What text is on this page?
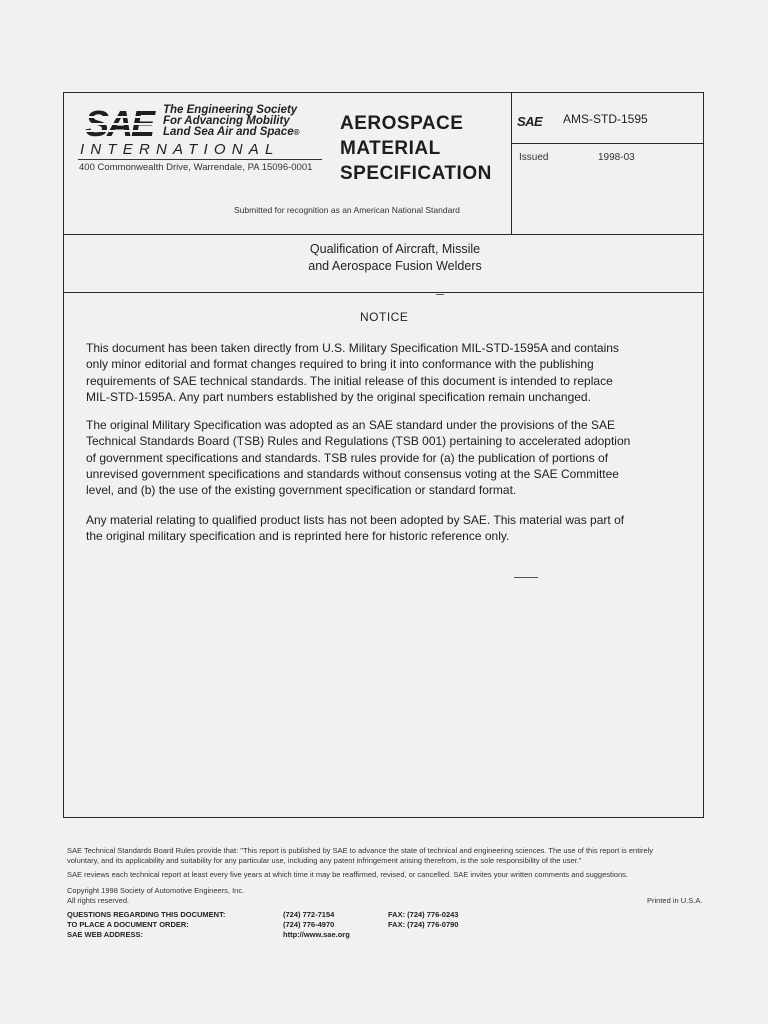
The Engineering Society
For Advancing Mobility
Land Sea Air and Space®
INTERNATIONAL
400 Commonwealth Drive, Warrendale, PA 15096-0001
AEROSPACE
MATERIAL
SPECIFICATION
Submitted for recognition as an American National Standard
SAE AMS-STD-1595
Issued	1998-03
Qualification of Aircraft, Missile
and Aerospace Fusion Welders
NOTICE
This document has been taken directly from U.S. Military Specification MIL-STD-1595A and contains
only minor editorial and format changes required to bring it into conformance with the publishing
requirements of SAE technical standards. The initial release of this document is intended to replace
MIL-STD-1595A. Any part numbers established by the original specification remain unchanged.
The original Military Specification was adopted as an SAE standard under the provisions of the SAE
Technical Standards Board (TSB) Rules and Regulations (TSB 001) pertaining to accelerated adoption
of government specifications and standards. TSB rules provide for (a) the publication of portions of
unrevised government specifications and standards without consensus voting at the SAE Committee
level, and (b) the use of the existing government specification or standard format.
Any material relating to qualified product lists has not been adopted by SAE. This material was part of
the original military specification and is reprinted here for historic reference only.
SAE Technical Standards Board Rules provide that: "This report is published by SAE to advance the state of technical and engineering sciences. The use of this report is entirely
voluntary, and its applicability and suitability for any particular use, including any patent infringement arising therefrom, is the sole responsibility of the user."
SAE reviews each technical report at least every five years at which time it may be reaffirmed, revised, or cancelled. SAE invites your written comments and suggestions.
Copyright 1998 Society of Automotive Engineers, Inc.
All rights reserved.	Printed in U.S.A.
QUESTIONS REGARDING THIS DOCUMENT:	(724) 772-7154	FAX: (724) 776-0243
TO PLACE A DOCUMENT ORDER:	(724) 776-4970	FAX: (724) 776-0790
SAE WEB ADDRESS:	http://www.sae.org
